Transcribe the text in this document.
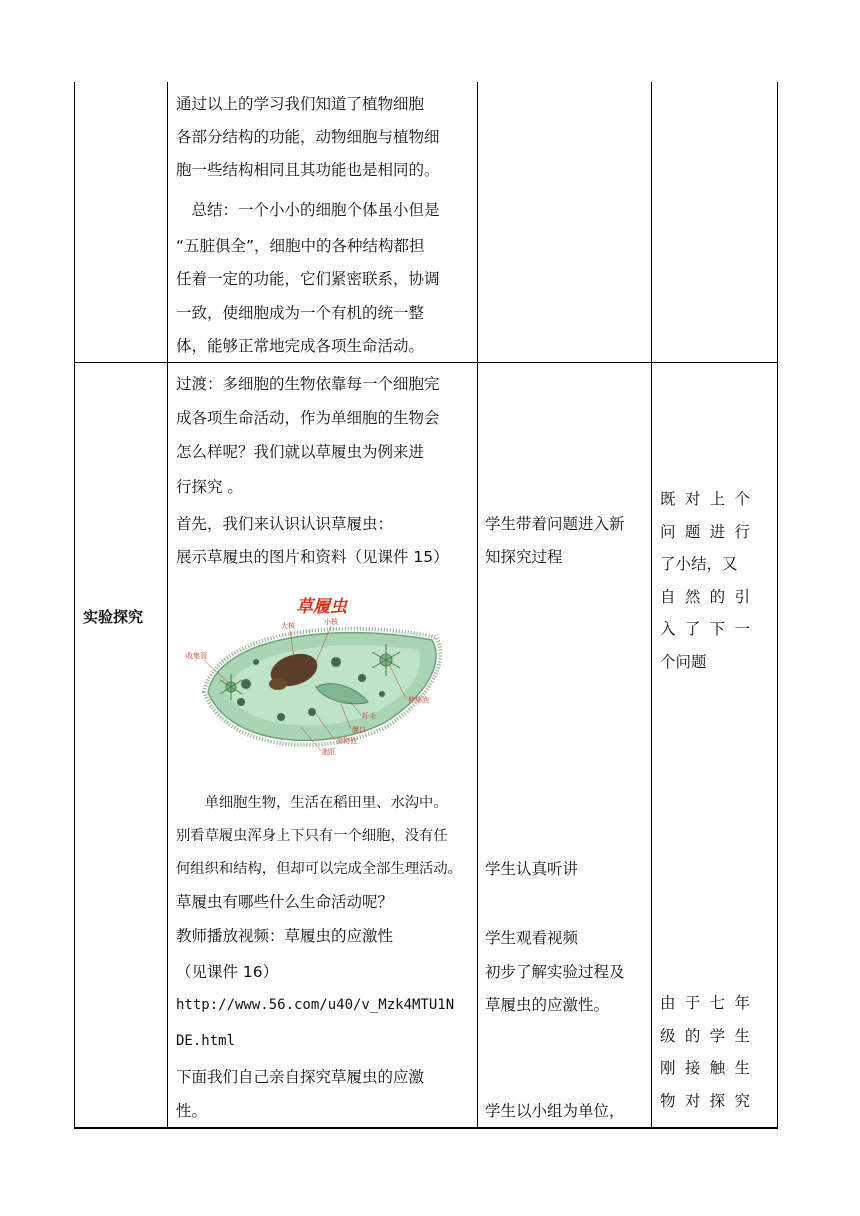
实验探究
通过以上的学习我们知道了植物细胞
各部分结构的功能，动物细胞与植物细
胞一些结构相同且其功能也是相同的。
　总结：一个小小的细胞个体虽小但是
“五脏俱全”，细胞中的各种结构都担
任着一定的功能，它们紧密联系，协调
一致，使细胞成为一个有机的统一整
体，能够正常地完成各项生命活动。
过渡：多细胞的生物依靠每一个细胞完
成各项生命活动，作为单细胞的生物会
怎么样呢？我们就以草履虫为例来进
行探究 。
首先，我们来认识认识草履虫：
展示草履虫的图片和资料（见课件 15）
草履虫
大核	小核
收集管
伸缩泡
纤毛
膜口
食物泡
胞肛
　　单细胞生物，生活在稻田里、水沟中。
别看草履虫浑身上下只有一个细胞，没有任
何组织和结构，但却可以完成全部生理活动。
草履虫有哪些什么生命活动呢？
教师播放视频：草履虫的应激性
（见课件 16）
http://www.56.com/u40/v_Mzk4MTU1N
DE.html
下面我们自己亲自探究草履虫的应激
性。
学生带着问题进入新
知探究过程
学生认真听讲
学生观看视频
初步了解实验过程及
草履虫的应激性。
学生以小组为单位，
既 对 上 个
问 题 进 行
了小结，又
自 然 的 引
入 了 下 一
个问题
由 于 七 年
级 的 学 生
刚 接 触 生
物 对 探 究
